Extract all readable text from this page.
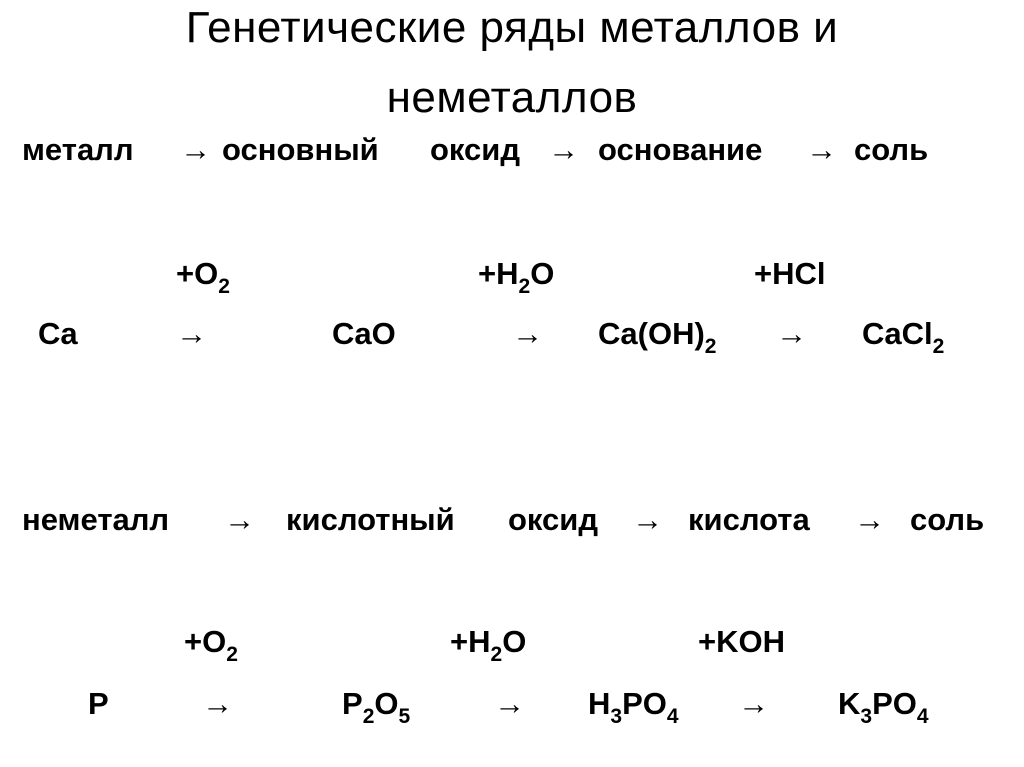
Генетические ряды металлов и
неметаллов
металл → основный оксид → основание → соль
$+O_2$	$+H_2O$	+HCl
Ca	→	CaO	→ $Ca(OH)_2$ → CaCl$_2$
неметалл → кислотный оксид → кислота → соль
$+O_2$	$+H_2O$	+KOH
P	→	$P_2O_5$	→ $H_3PO_4 \to K_3PO_4$
